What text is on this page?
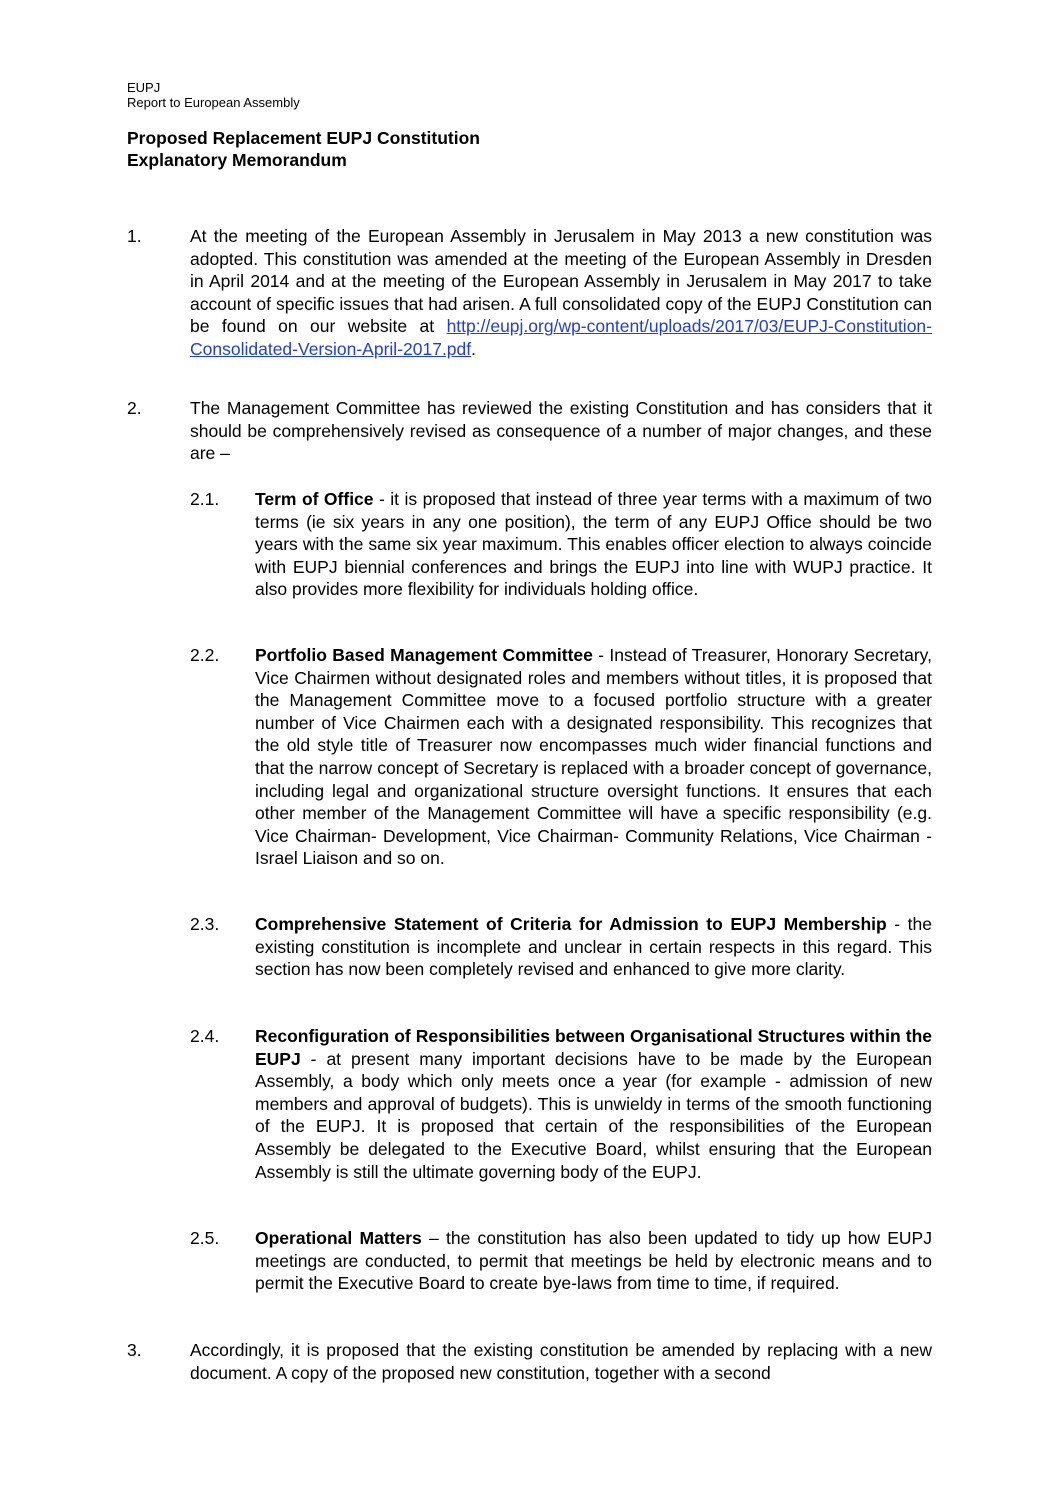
EUPJ
Report to European Assembly
Proposed Replacement EUPJ Constitution
Explanatory Memorandum
1.	At the meeting of the European Assembly in Jerusalem in May 2013 a new constitution was adopted. This constitution was amended at the meeting of the European Assembly in Dresden in April 2014 and at the meeting of the European Assembly in Jerusalem in May 2017 to take account of specific issues that had arisen. A full consolidated copy of the EUPJ Constitution can be found on our website at http://eupj.org/wp-content/uploads/2017/03/EUPJ-Constitution-Consolidated-Version-April-2017.pdf.
2.	The Management Committee has reviewed the existing Constitution and has considers that it should be comprehensively revised as consequence of a number of major changes, and these are –
2.1. Term of Office - it is proposed that instead of three year terms with a maximum of two terms (ie six years in any one position), the term of any EUPJ Office should be two years with the same six year maximum. This enables officer election to always coincide with EUPJ biennial conferences and brings the EUPJ into line with WUPJ practice. It also provides more flexibility for individuals holding office.
2.2. Portfolio Based Management Committee - Instead of Treasurer, Honorary Secretary, Vice Chairmen without designated roles and members without titles, it is proposed that the Management Committee move to a focused portfolio structure with a greater number of Vice Chairmen each with a designated responsibility. This recognizes that the old style title of Treasurer now encompasses much wider financial functions and that the narrow concept of Secretary is replaced with a broader concept of governance, including legal and organizational structure oversight functions. It ensures that each other member of the Management Committee will have a specific responsibility (e.g. Vice Chairman- Development, Vice Chairman- Community Relations, Vice Chairman - Israel Liaison and so on.
2.3. Comprehensive Statement of Criteria for Admission to EUPJ Membership - the existing constitution is incomplete and unclear in certain respects in this regard. This section has now been completely revised and enhanced to give more clarity.
2.4. Reconfiguration of Responsibilities between Organisational Structures within the EUPJ - at present many important decisions have to be made by the European Assembly, a body which only meets once a year (for example - admission of new members and approval of budgets). This is unwieldy in terms of the smooth functioning of the EUPJ. It is proposed that certain of the responsibilities of the European Assembly be delegated to the Executive Board, whilst ensuring that the European Assembly is still the ultimate governing body of the EUPJ.
2.5. Operational Matters – the constitution has also been updated to tidy up how EUPJ meetings are conducted, to permit that meetings be held by electronic means and to permit the Executive Board to create bye-laws from time to time, if required.
3.	Accordingly, it is proposed that the existing constitution be amended by replacing with a new document. A copy of the proposed new constitution, together with a second
